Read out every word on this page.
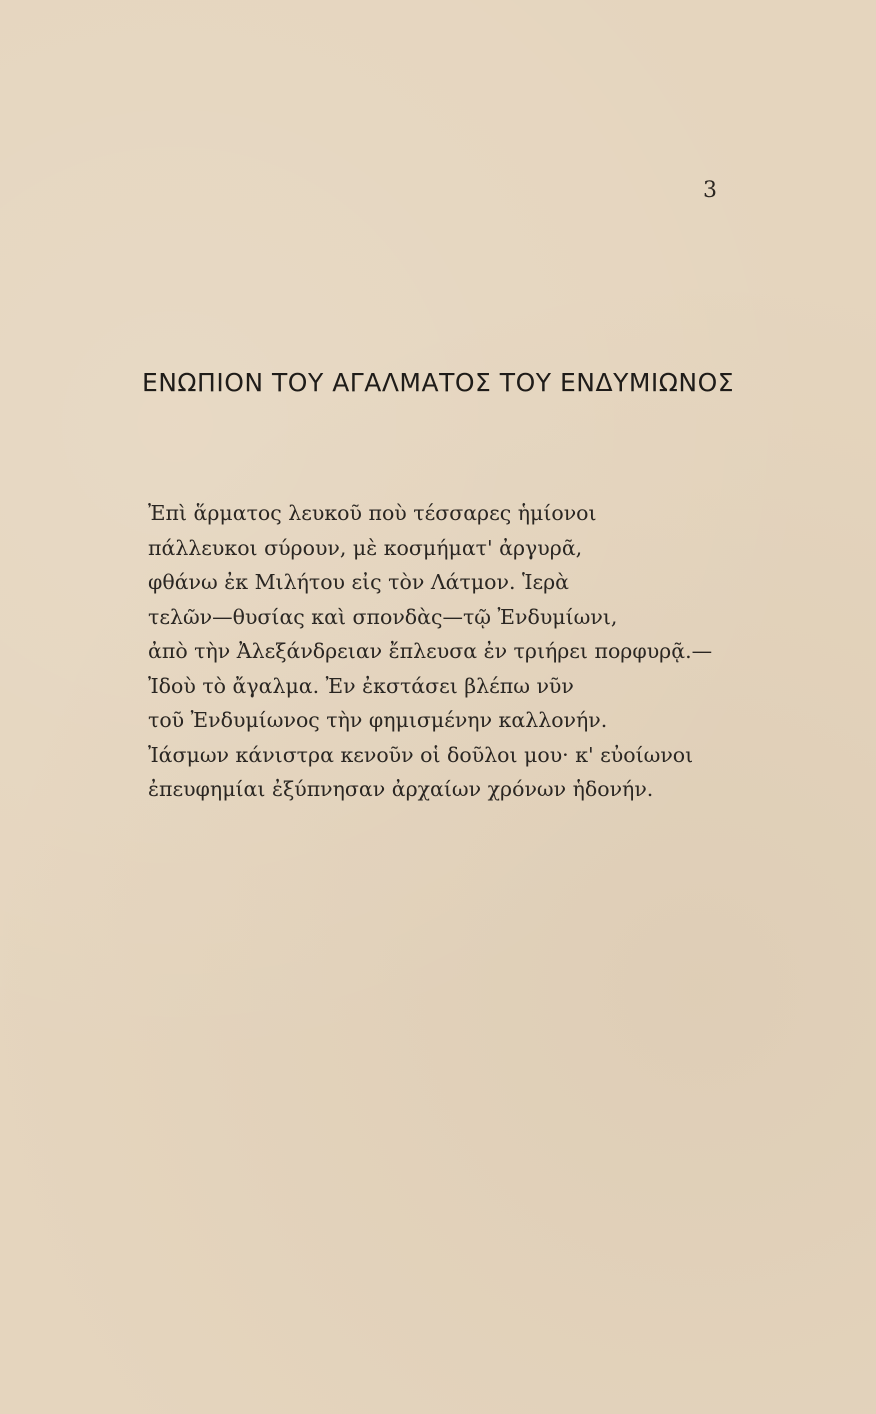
3
ΕΝΩΠΙΟΝ ΤΟΥ ΑΓΑΛΜΑΤΟΣ ΤΟΥ ΕΝΔΥΜΙΩΝΟΣ
Ἐπὶ ἅρματος λευκοῦ ποὺ τέσσαρες ἡμίονοι
πάλλευκοι σύρουν, μὲ κοσμήματ' ἀργυρᾶ,
φθάνω ἐκ Μιλήτου εἰς τὸν Λάτμον. Ἱερὰ
τελῶν—θυσίας καὶ σπονδὰς—τῷ Ἐνδυμίωνι,
ἀπὸ τὴν Ἀλεξάνδρειαν ἔπλευσα ἐν τριήρει πορφυρᾷ.—
Ἰδοὺ τὸ ἄγαλμα. Ἐν ἐκστάσει βλέπω νῦν
τοῦ Ἐνδυμίωνος τὴν φημισμένην καλλονήν.
Ἰάσμων κάνιστρα κενοῦν οἱ δοῦλοι μου· κ' εὐοίωνοι
ἐπευφημίαι ἐξύπνησαν ἀρχαίων χρόνων ἡδονήν.
